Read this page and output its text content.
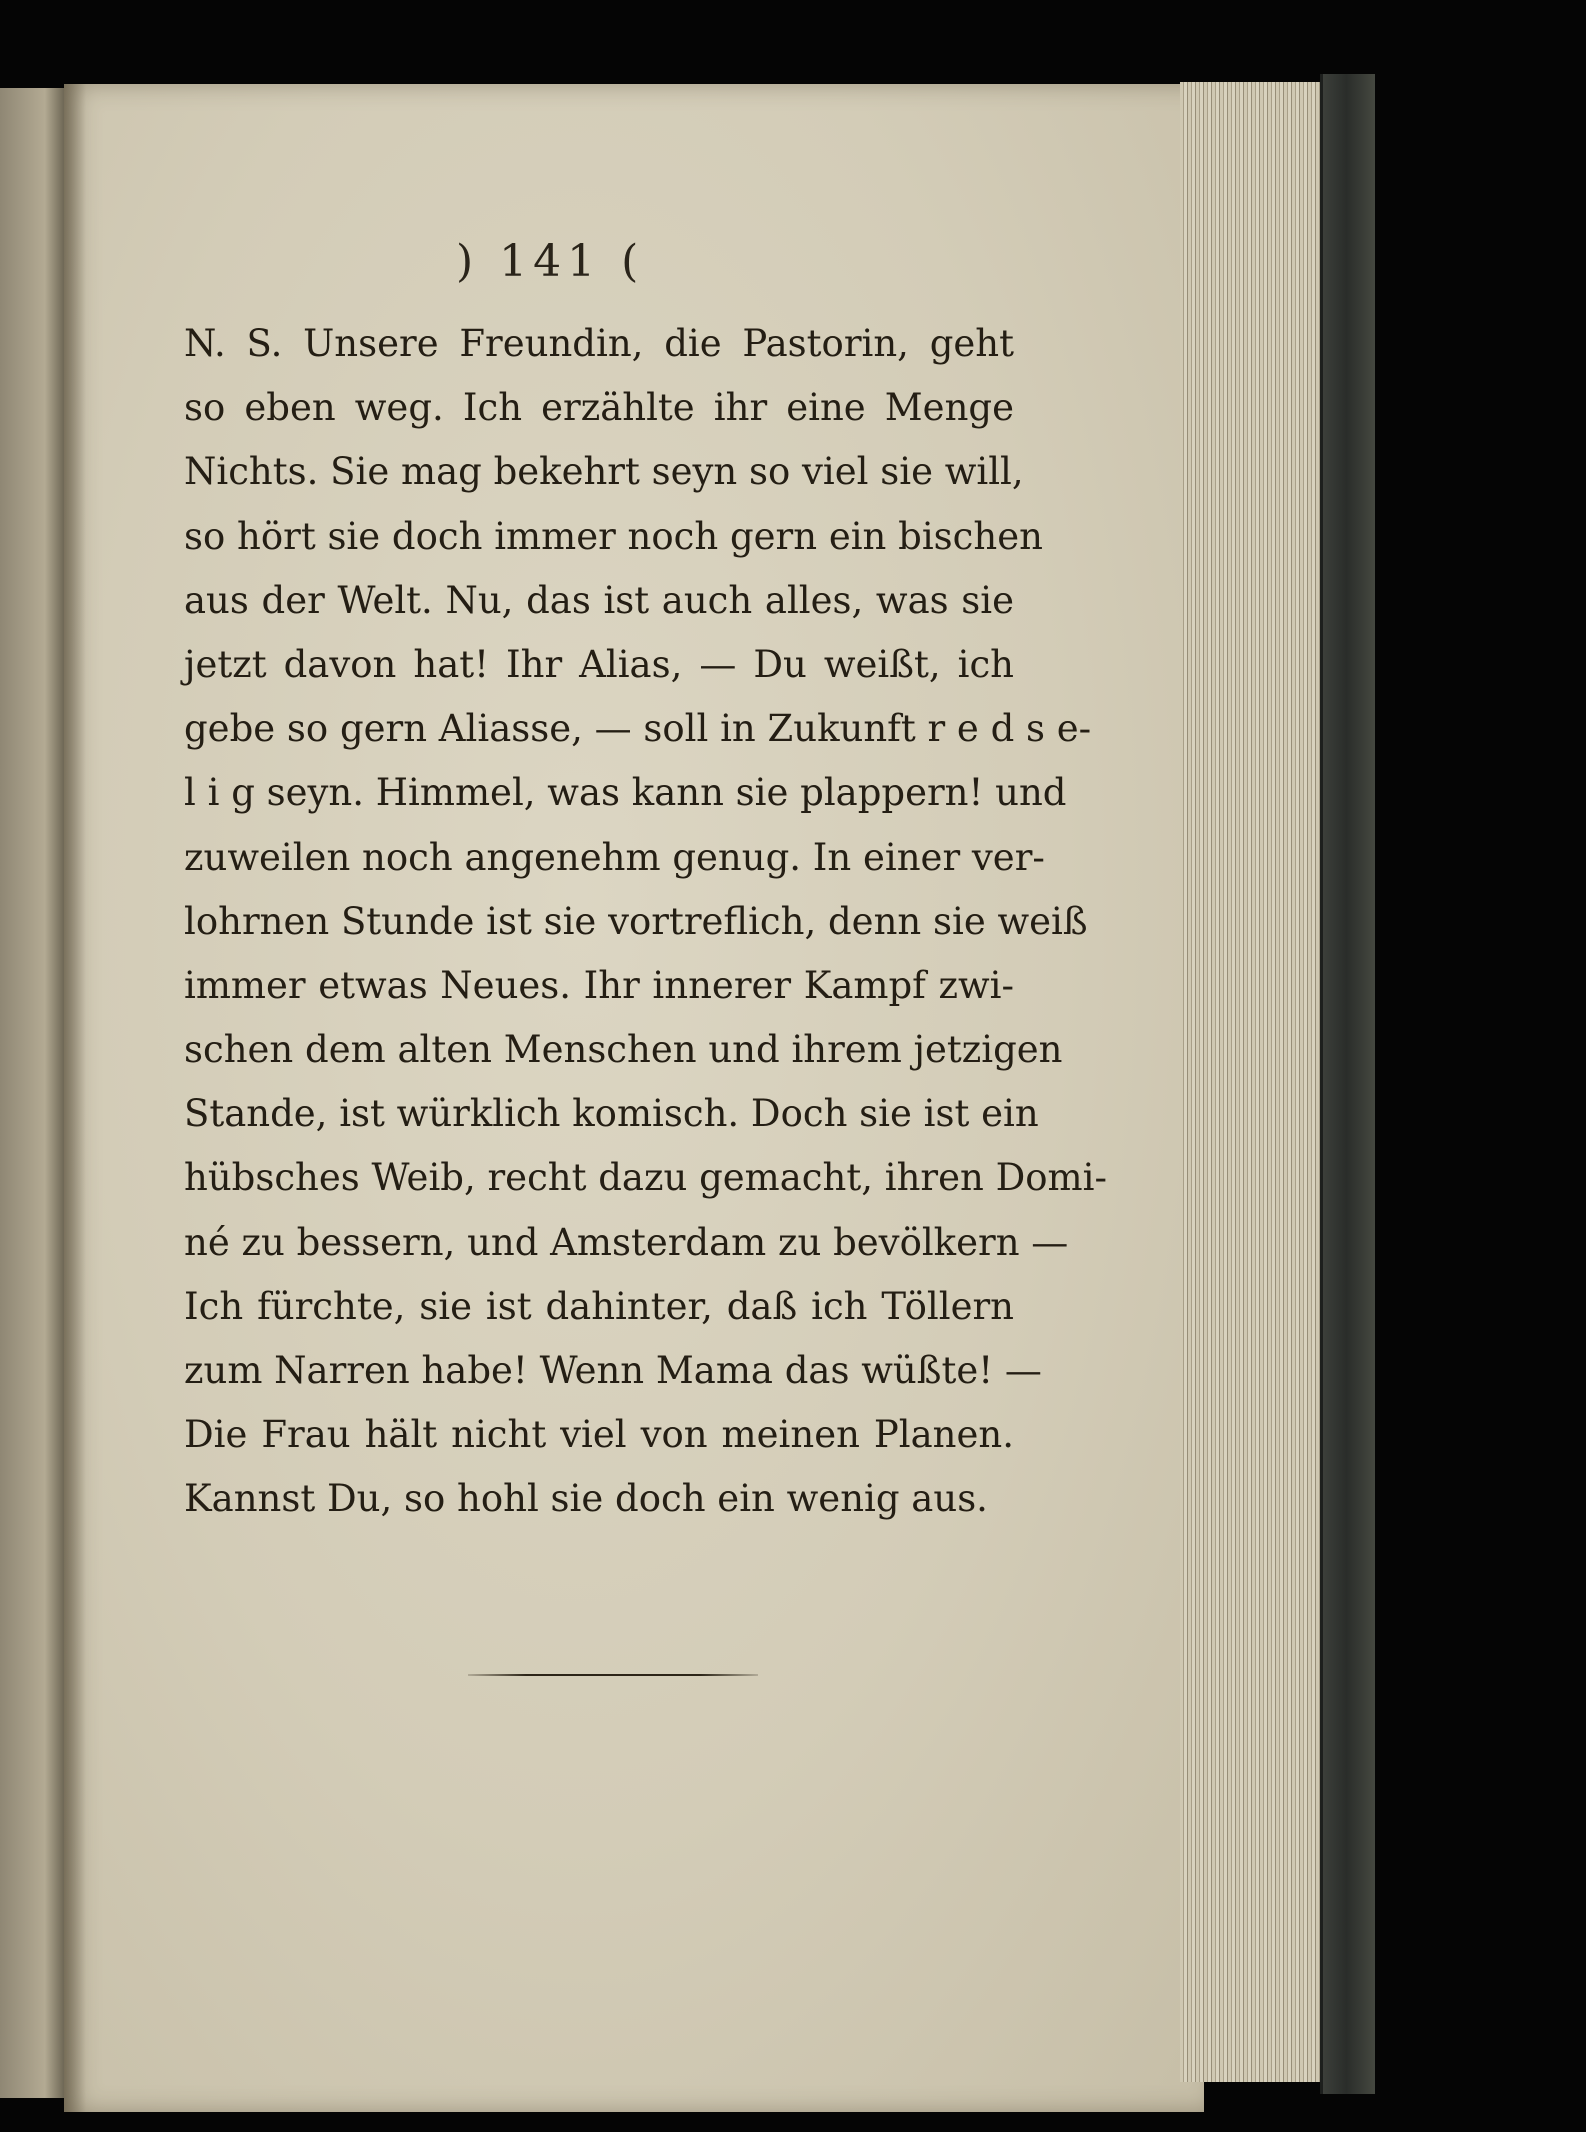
) 141 (
N. S. Unsere Freundin, die Pastorin, geht
so eben weg. Ich erzählte ihr eine Menge
Nichts. Sie mag bekehrt seyn so viel sie will,
so hört sie doch immer noch gern ein bischen
aus der Welt. Nu, das ist auch alles, was sie
jetzt davon hat! Ihr Alias, — Du weißt, ich
gebe so gern Aliasse, — soll in Zukunft r e d s e-
l i g seyn. Himmel, was kann sie plappern! und
zuweilen noch angenehm genug. In einer ver-
lohrnen Stunde ist sie vortreflich, denn sie weiß
immer etwas Neues. Ihr innerer Kampf zwi-
schen dem alten Menschen und ihrem jetzigen
Stande, ist würklich komisch. Doch sie ist ein
hübsches Weib, recht dazu gemacht, ihren Domi-
né zu bessern, und Amsterdam zu bevölkern —
Ich fürchte, sie ist dahinter, daß ich Töllern
zum Narren habe! Wenn Mama das wüßte! —
Die Frau hält nicht viel von meinen Planen.
Kannst Du, so hohl sie doch ein wenig aus.
